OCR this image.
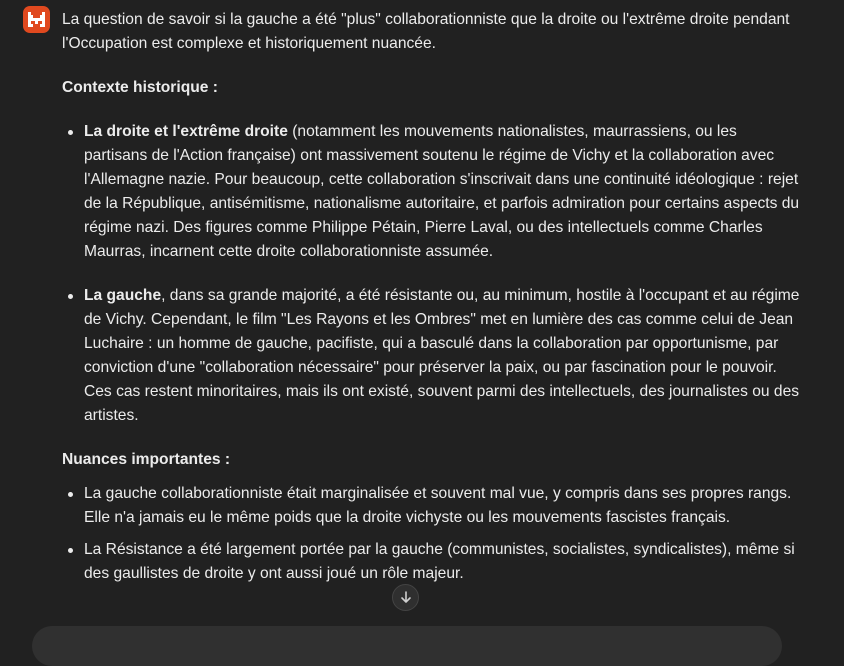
La question de savoir si la gauche a été "plus" collaborationniste que la droite ou l'extrême droite pendant l'Occupation est complexe et historiquement nuancée.

Contexte historique :

La droite et l'extrême droite (notamment les mouvements nationalistes, maurrassiens, ou les partisans de l'Action française) ont massivement soutenu le régime de Vichy et la collaboration avec l'Allemagne nazie. Pour beaucoup, cette collaboration s'inscrivait dans une continuité idéologique : rejet de la République, antisémitisme, nationalisme autoritaire, et parfois admiration pour certains aspects du régime nazi. Des figures comme Philippe Pétain, Pierre Laval, ou des intellectuels comme Charles Maurras, incarnent cette droite collaborationniste assumée.
La gauche, dans sa grande majorité, a été résistante ou, au minimum, hostile à l'occupant et au régime de Vichy. Cependant, le film "Les Rayons et les Ombres" met en lumière des cas comme celui de Jean Luchaire : un homme de gauche, pacifiste, qui a basculé dans la collaboration par opportunisme, par conviction d'une "collaboration nécessaire" pour préserver la paix, ou par fascination pour le pouvoir. Ces cas restent minoritaires, mais ils ont existé, souvent parmi des intellectuels, des journalistes ou des artistes.

Nuances importantes :

La gauche collaborationniste était marginalisée et souvent mal vue, y compris dans ses propres rangs. Elle n'a jamais eu le même poids que la droite vichyste ou les mouvements fascistes français.
La Résistance a été largement portée par la gauche (communistes, socialistes, syndicalistes), même si des gaullistes de droite y ont aussi joué un rôle majeur.
